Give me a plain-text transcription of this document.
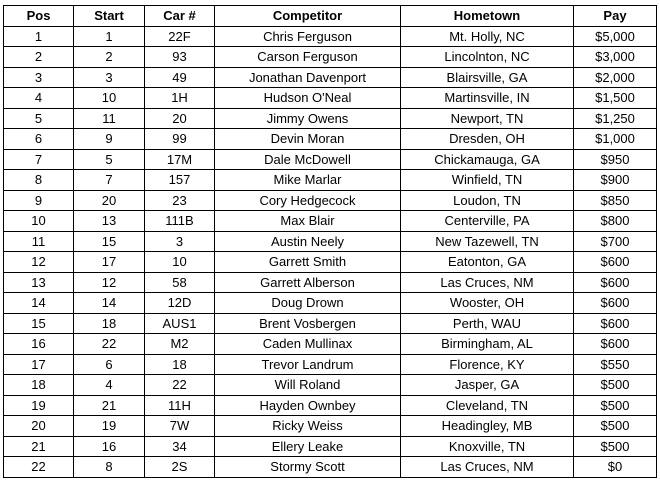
Pos	Start	Car #	Competitor	Hometown	Pay
1	1	22F	Chris Ferguson	Mt. Holly, NC	$5,000
2	2	93	Carson Ferguson	Lincolnton, NC	$3,000
3	3	49	Jonathan Davenport	Blairsville, GA	$2,000
4	10	1H	Hudson O'Neal	Martinsville, IN	$1,500
5	11	20	Jimmy Owens	Newport, TN	$1,250
6	9	99	Devin Moran	Dresden, OH	$1,000
7	5	17M	Dale McDowell	Chickamauga, GA	$950
8	7	157	Mike Marlar	Winfield, TN	$900
9	20	23	Cory Hedgecock	Loudon, TN	$850
10	13	111B	Max Blair	Centerville, PA	$800
11	15	3	Austin Neely	New Tazewell, TN	$700
12	17	10	Garrett Smith	Eatonton, GA	$600
13	12	58	Garrett Alberson	Las Cruces, NM	$600
14	14	12D	Doug Drown	Wooster, OH	$600
15	18	AUS1	Brent Vosbergen	Perth, WAU	$600
16	22	M2	Caden Mullinax	Birmingham, AL	$600
17	6	18	Trevor Landrum	Florence, KY	$550
18	4	22	Will Roland	Jasper, GA	$500
19	21	11H	Hayden Ownbey	Cleveland, TN	$500
20	19	7W	Ricky Weiss	Headingley, MB	$500
21	16	34	Ellery Leake	Knoxville, TN	$500
22	8	2S	Stormy Scott	Las Cruces, NM	$0
